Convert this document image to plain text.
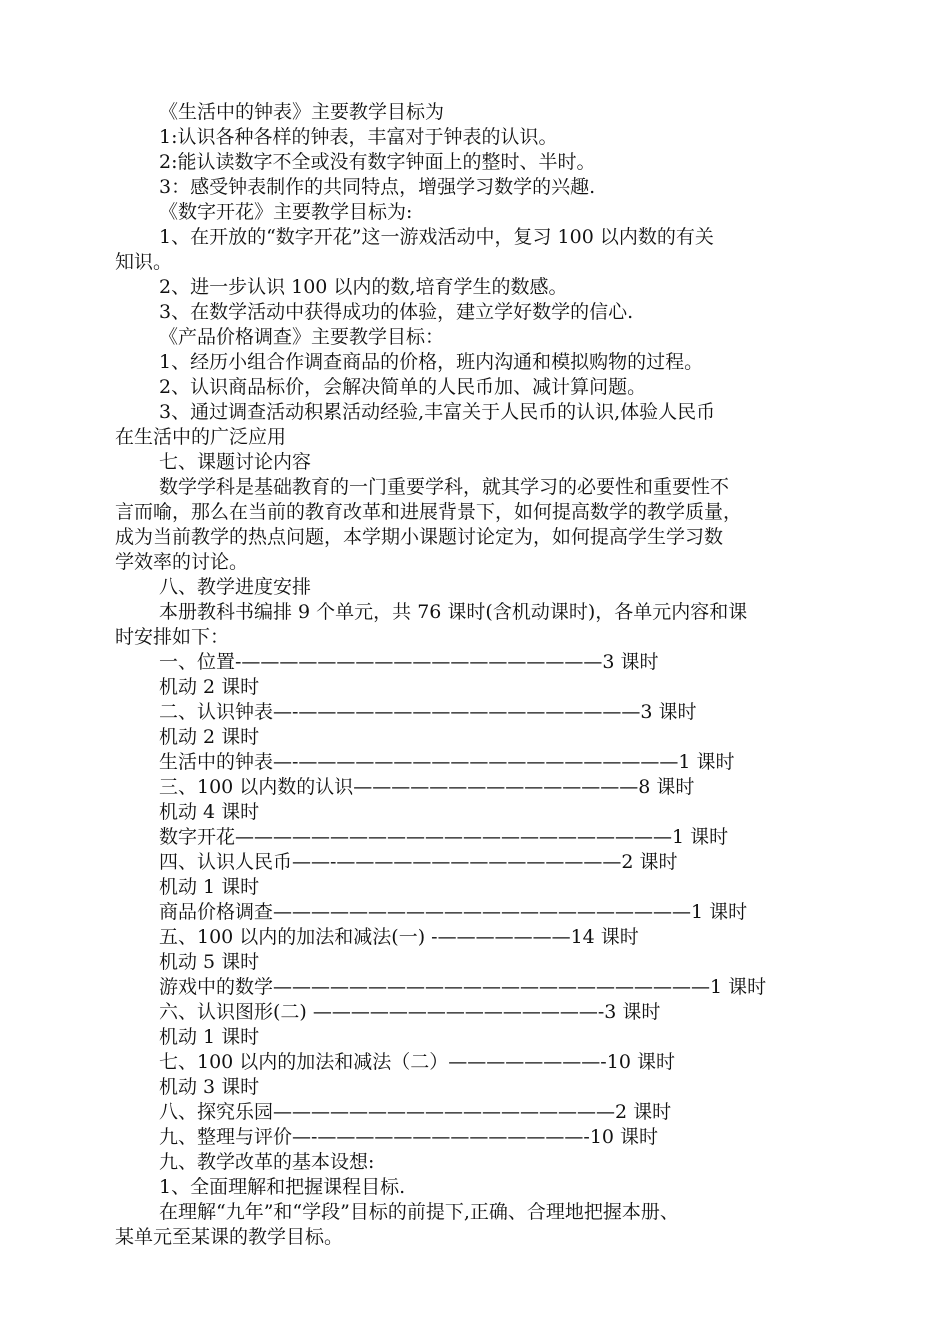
《生活中的钟表》主要教学目标为
1:认识各种各样的钟表，丰富对于钟表的认识。
2:能认读数字不全或没有数字钟面上的整时、半时。
3：感受钟表制作的共同特点，增强学习数学的兴趣.
《数字开花》主要教学目标为:
1、在开放的“数字开花”这一游戏活动中，复习 100 以内数的有关
知识。
2、进一步认识 100 以内的数,培育学生的数感。
3、在数学活动中获得成功的体验，建立学好数学的信心.
《产品价格调查》主要教学目标：
1、经历小组合作调查商品的价格，班内沟通和模拟购物的过程。
2、认识商品标价，会解决简单的人民币加、减计算问题。
3、通过调查活动积累活动经验,丰富关于人民币的认识,体验人民币
在生活中的广泛应用
七、课题讨论内容
数学学科是基础教育的一门重要学科，就其学习的必要性和重要性不
言而喻，那么在当前的教育改革和进展背景下，如何提高数学的教学质量，
成为当前教学的热点问题，本学期小课题讨论定为，如何提高学生学习数
学效率的讨论。
八、教学进度安排
本册教科书编排 9 个单元，共 76 课时(含机动课时)，各单元内容和课
时安排如下：
一、位置-———————————————————3 课时
机动 2 课时
二、认识钟表—-——————————————————3 课时
机动 2 课时
生活中的钟表—-————————————————————1 课时
三、100 以内数的认识———————————————8 课时
机动 4 课时
数字开花———————————————————————1 课时
四、认识人民币——-———————————————2 课时
机动 1 课时
商品价格调查——————————————————————1 课时
五、100 以内的加法和减法(一) -———————14 课时
机动 5 课时
游戏中的数学———————————————————————1 课时
六、认识图形(二) ———————————————-3 课时
机动 1 课时
七、100 以内的加法和减法（二）————————-10 课时
机动 3 课时
八、探究乐园——————————————————2 课时
九、整理与评价—-——————————————-10 课时
九、教学改革的基本设想:
1、全面理解和把握课程目标.
在理解“九年”和“学段”目标的前提下,正确、合理地把握本册、
某单元至某课的教学目标。
